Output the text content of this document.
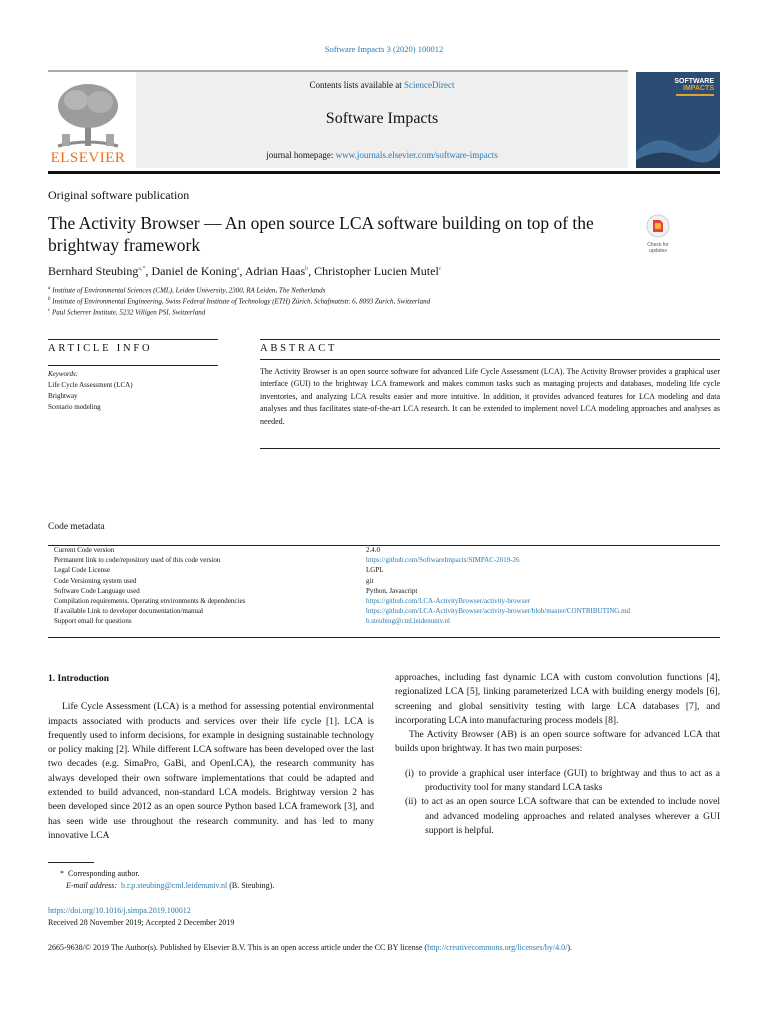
Software Impacts 3 (2020) 100012
ELSEVIER
Contents lists available at ScienceDirect
Software Impacts
journal homepage: www.journals.elsevier.com/software-impacts
SOFTWARE
IMPACTS
Original software publication
The Activity Browser — An open source LCA software building on top of the brightway framework	Check for
updates
Bernhard Steubing$^{a,*}$, Daniel de Koning$^a$, Adrian Haas$^b$, Christopher Lucien Mutel$^c$
$^a$ Institute of Environmental Sciences (CML), Leiden University, 2300, RA Leiden, The Netherlands
$^b$ Institute of Environmental Engineering, Swiss Federal Institute of Technology (ETH) Zürich, Schafmattstr. 6, 8093 Zurich, Switzerland
$^c$ Paul Scherrer Institute, 5232 Villigen PSI, Switzerland
ARTICLE INFO	ABSTRACT
Keywords:
Life Cycle Assessment (LCA)
Brightway
Scenario modeling
The Activity Browser is an open source software for advanced Life Cycle Assessment (LCA). The Activity Browser provides a graphical user interface (GUI) to the brightway LCA framework and makes common tasks such as managing projects and databases, modeling life cycle inventories, and analyzing LCA results easier and more intuitive. In addition, it provides advanced features for LCA modeling and data analyses and thus facilitates state-of-the-art LCA research. It can be extended to implement novel LCA modeling approaches and analyses as needed.
Code metadata
Current Code version	2.4.0
Permanent link to code/repository used of this code version	https://github.com/SoftwareImpacts/SIMPAC-2019-26
Legal Code License	LGPL
Code Versioning system used	git
Software Code Language used	Python, Javascript
Compilation requirements, Operating environments & dependencies	https://github.com/LCA-ActivityBrowser/activity-browser
If available Link to developer documentation/manual	https://github.com/LCA-ActivityBrowser/activity-browser/blob/master/CONTRIBUTING.md
Support email for questions	b.steubing@cml.leidenuniv.nl
1. Introduction

Life Cycle Assessment (LCA) is a method for assessing potential environmental impacts associated with products and services over their life cycle [1]. LCA is frequently used to inform decisions, for example in designing sustainable technology or policy making [2]. While different LCA software has been developed over the last two decades (e.g. SimaPro, GaBi, and OpenLCA), the research community has always developed their own software implementations that could be adapted and extended to build advanced, non-standard LCA models. Brightway version 2 has been developed since 2012 as an open source Python based LCA framework [3], and has seen wide use throughout the research community. and has led to many innovative LCA

approaches, including fast dynamic LCA with custom convolution functions [4], regionalized LCA [5], linking parameterized LCA with building energy models [6], screening and global sensitivity testing with large LCA databases [7], and incorporating LCA into manufacturing process models [8].

The Activity Browser (AB) is an open source software for advanced LCA that builds upon brightway. It has two main purposes:

(i) to provide a graphical user interface (GUI) to brightway and thus to act as a productivity tool for many standard LCA tasks

(ii) to act as an open source LCA software that can be extended to include novel and advanced modeling approaches and related analyses wherever a GUI support is helpful.

* Corresponding author.
E-mail address: b.r.p.steubing@cml.leidenuniv.nl (B. Steubing).
https://doi.org/10.1016/j.simpa.2019.100012
Received 28 November 2019; Accepted 2 December 2019
2665-9638/© 2019 The Author(s). Published by Elsevier B.V. This is an open access article under the CC BY license (http://creativecommons.org/licenses/by/4.0/).
